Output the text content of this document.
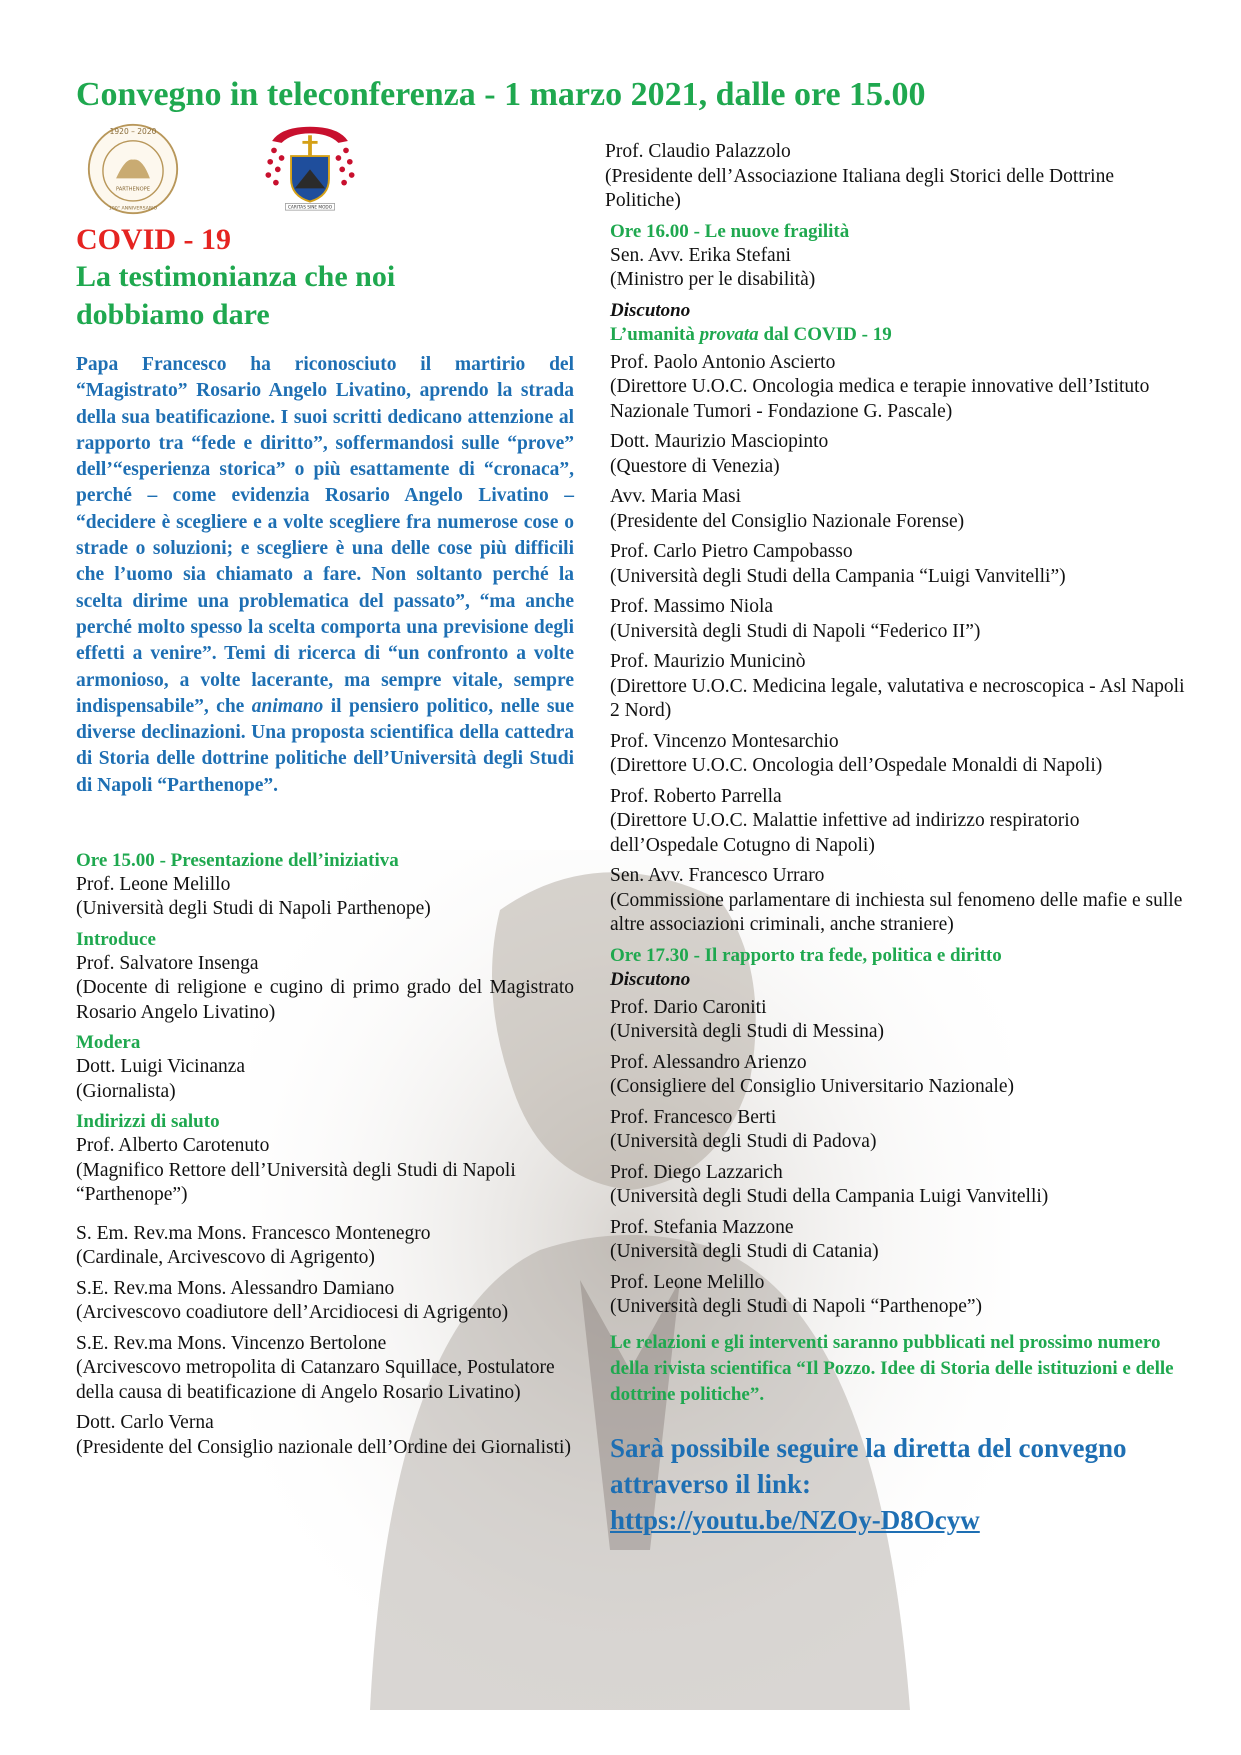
Convegno in teleconferenza - 1 marzo 2021, dalle ore 15.00
1920 – 2020
PARTHENOPE
100° ANNIVERSARIO	CARITAS SINE MODO
COVID - 19
La testimonianza che noi
dobbiamo dare

Papa Francesco ha riconosciuto il martirio del “Magistrato” Rosario Angelo Livatino, aprendo la strada della sua beatificazione. I suoi scritti dedicano attenzione al rapporto tra “fede e diritto”, soffermandosi sulle “prove” dell’“esperienza storica” o più esattamente di “cronaca”, perché – come evidenzia Rosario Angelo Livatino – “decidere è scegliere e a volte scegliere fra numerose cose o strade o soluzioni; e scegliere è una delle cose più difficili che l’uomo sia chiamato a fare. Non soltanto perché la scelta dirime una problematica del passato”, “ma anche perché molto spesso la scelta comporta una previsione degli effetti a venire”. Temi di ricerca di “un confronto a volte armonioso, a volte lacerante, ma sempre vitale, sempre indispensabile”, che animano il pensiero politico, nelle sue diverse declinazioni. Una proposta scientifica della cattedra di Storia delle dottrine politiche dell’Università degli Studi di Napoli “Parthenope”.

Ore 15.00 - Presentazione dell’iniziativa
Prof. Leone Melillo
(Università degli Studi di Napoli Parthenope)
Introduce
Prof. Salvatore Insenga
(Docente di religione e cugino di primo grado del Magistrato Rosario Angelo Livatino)
Modera
Dott. Luigi Vicinanza
(Giornalista)
Indirizzi di saluto
Prof. Alberto Carotenuto
(Magnifico Rettore dell’Università degli Studi di Napoli “Parthenope”)
S. Em. Rev.ma Mons. Francesco Montenegro
(Cardinale, Arcivescovo di Agrigento)
S.E. Rev.ma Mons. Alessandro Damiano
(Arcivescovo coadiutore dell’Arcidiocesi di Agrigento)
S.E. Rev.ma Mons. Vincenzo Bertolone
(Arcivescovo metropolita di Catanzaro Squillace, Postulatore della causa di beatificazione di Angelo Rosario Livatino)
Dott. Carlo Verna
(Presidente del Consiglio nazionale dell’Ordine dei Giornalisti)
Prof. Claudio Palazzolo
(Presidente dell’Associazione Italiana degli Storici delle Dottrine Politiche)
Ore 16.00 - Le nuove fragilità
Sen. Avv. Erika Stefani
(Ministro per le disabilità)
Discutono
L’umanità provata dal COVID - 19
Prof. Paolo Antonio Ascierto
(Direttore U.O.C. Oncologia medica e terapie innovative dell’Istituto Nazionale Tumori - Fondazione G. Pascale)
Dott. Maurizio Masciopinto
(Questore di Venezia)
Avv. Maria Masi
(Presidente del Consiglio Nazionale Forense)
Prof. Carlo Pietro Campobasso
(Università degli Studi della Campania “Luigi Vanvitelli”)
Prof. Massimo Niola
(Università degli Studi di Napoli “Federico II”)
Prof. Maurizio Municinò
(Direttore U.O.C. Medicina legale, valutativa e necroscopica - Asl Napoli 2 Nord)
Prof. Vincenzo Montesarchio
(Direttore U.O.C. Oncologia dell’Ospedale Monaldi di Napoli)
Prof. Roberto Parrella
(Direttore U.O.C. Malattie infettive ad indirizzo respiratorio dell’Ospedale Cotugno di Napoli)
Sen. Avv. Francesco Urraro
(Commissione parlamentare di inchiesta sul fenomeno delle mafie e sulle altre associazioni criminali, anche straniere)
Ore 17.30 - Il rapporto tra fede, politica e diritto
Discutono
Prof. Dario Caroniti
(Università degli Studi di Messina)
Prof. Alessandro Arienzo
(Consigliere del Consiglio Universitario Nazionale)
Prof. Francesco Berti
(Università degli Studi di Padova)
Prof. Diego Lazzarich
(Università degli Studi della Campania Luigi Vanvitelli)
Prof. Stefania Mazzone
(Università degli Studi di Catania)
Prof. Leone Melillo
(Università degli Studi di Napoli “Parthenope”)
Le relazioni e gli interventi saranno pubblicati nel prossimo numero della rivista scientifica “Il Pozzo. Idee di Storia delle istituzioni e delle dottrine politiche”.
Sarà possibile seguire la diretta del convegno attraverso il link:
https://youtu.be/NZOy-D8Ocyw
